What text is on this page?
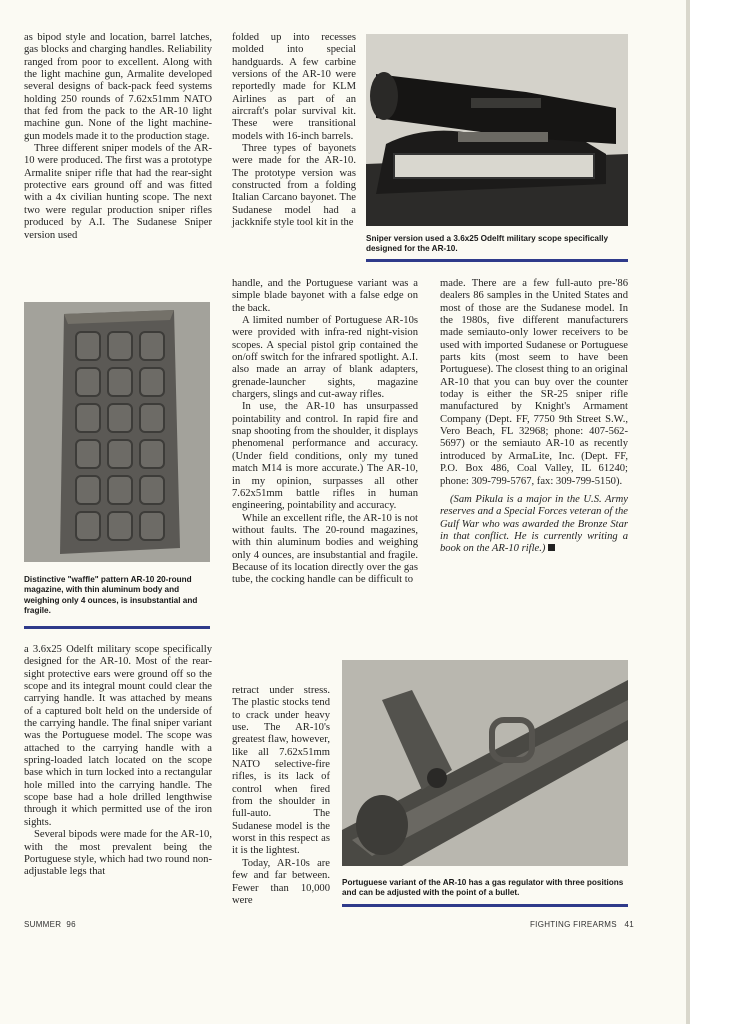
as bipod style and location, barrel latches, gas blocks and charging handles. Reliability ranged from poor to excellent. Along with the light machine gun, Armalite developed several designs of back-pack feed systems holding 250 rounds of 7.62x51mm NATO that fed from the pack to the AR-10 light machine gun. None of the light machine-gun models made it to the production stage.

Three different sniper models of the AR-10 were produced. The first was a prototype Armalite sniper rifle that had the rear-sight protective ears ground off and was fitted with a 4x civilian hunting scope. The next two were regular production sniper rifles produced by A.I. The Sudanese Sniper version used

Distinctive "waffle" pattern AR-10 20-round magazine, with thin aluminum body and weighing only 4 ounces, is insubstantial and fragile.

a 3.6x25 Odelft military scope specifically designed for the AR-10. Most of the rear-sight protective ears were ground off so the scope and its integral mount could clear the carrying handle. It was attached by means of a captured bolt held on the underside of the carrying handle. The final sniper variant was the Portuguese model. The scope was attached to the carrying handle with a spring-loaded latch located on the scope base which in turn locked into a rectangular hole milled into the carrying handle. The scope base had a hole drilled lengthwise through it which permitted use of the iron sights.

Several bipods were made for the AR-10, with the most prevalent being the Portuguese style, which had two round non-adjustable legs that

folded up into recesses molded into special handguards. A few carbine versions of the AR-10 were reportedly made for KLM Airlines as part of an aircraft's polar survival kit. These were transitional models with 16-inch barrels.

Three types of bayonets were made for the AR-10. The prototype version was constructed from a folding Italian Carcano bayonet. The Sudanese model had a jackknife style tool kit in the

Sniper version used a 3.6x25 Odelft military scope specifically designed for the AR-10.

handle, and the Portuguese variant was a simple blade bayonet with a false edge on the back.

A limited number of Portuguese AR-10s were provided with infra-red night-vision scopes. A special pistol grip contained the on/off switch for the infrared spotlight. A.I. also made an array of blank adapters, grenade-launcher sights, magazine chargers, slings and cut-away rifles.

In use, the AR-10 has unsurpassed pointability and control. In rapid fire and snap shooting from the shoulder, it displays phenomenal performance and accuracy. (Under field conditions, only my tuned match M14 is more accurate.) The AR-10, in my opinion, surpasses all other 7.62x51mm battle rifles in human engineering, pointability and accuracy.

While an excellent rifle, the AR-10 is not without faults. The 20-round magazines, with thin aluminum bodies and weighing only 4 ounces, are insubstantial and fragile. Because of its location directly over the gas tube, the cocking handle can be difficult to

retract under stress. The plastic stocks tend to crack under heavy use. The AR-10's greatest flaw, however, like all 7.62x51mm NATO selective-fire rifles, is its lack of control when fired from the shoulder in full-auto. The Sudanese model is the worst in this respect as it is the lightest.

Today, AR-10s are few and far between. Fewer than 10,000 were

made. There are a few full-auto pre-'86 dealers 86 samples in the United States and most of those are the Sudanese model. In the 1980s, five different manufacturers made semiauto-only lower receivers to be used with imported Sudanese or Portuguese parts kits (most seem to have been Portuguese). The closest thing to an original AR-10 that you can buy over the counter today is either the SR-25 sniper rifle manufactured by Knight's Armament Company (Dept. FF, 7750 9th Street S.W., Vero Beach, FL 32968; phone: 407-562-5697) or the semiauto AR-10 as recently introduced by ArmaLite, Inc. (Dept. FF, P.O. Box 486, Coal Valley, IL 61240; phone: 309-799-5767, fax: 309-799-5150).

(Sam Pikula is a major in the U.S. Army reserves and a Special Forces veteran of the Gulf War who was awarded the Bronze Star in that conflict. He is currently writing a book on the AR-10 rifle.)

Portuguese variant of the AR-10 has a gas regulator with three positions and can be adjusted with the point of a bullet.
SUMMER  96	FIGHTING FIREARMS   41
